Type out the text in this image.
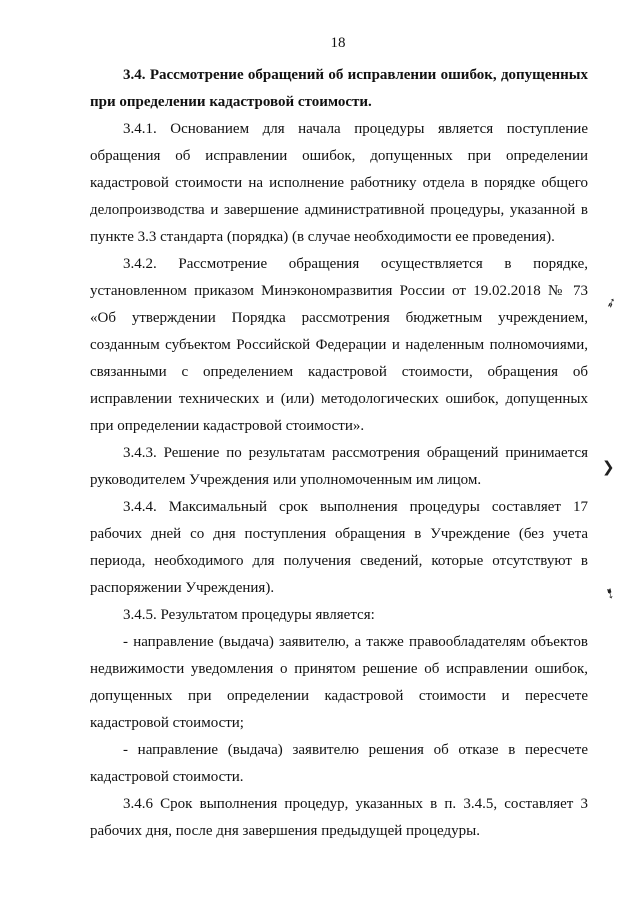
18

3.4. Рассмотрение обращений об исправлении ошибок, допущенных при определении кадастровой стоимости.

3.4.1. Основанием для начала процедуры является поступление обращения об исправлении ошибок, допущенных при определении кадастровой стоимости на исполнение работнику отдела в порядке общего делопроизводства и завершение административной процедуры, указанной в пункте 3.3 стандарта (порядка) (в случае необходимости ее проведения).

3.4.2. Рассмотрение обращения осуществляется в порядке, установленном приказом Минэкономразвития России от 19.02.2018 № 73 «Об утверждении Порядка рассмотрения бюджетным учреждением, созданным субъектом Российской Федерации и наделенным полномочиями, связанными с определением кадастровой стоимости, обращения об исправлении технических и (или) методологических ошибок, допущенных при определении кадастровой стоимости».

3.4.3. Решение по результатам рассмотрения обращений принимается руководителем Учреждения или уполномоченным им лицом.

3.4.4. Максимальный срок выполнения процедуры составляет 17 рабочих дней со дня поступления обращения в Учреждение (без учета периода, необходимого для получения сведений, которые отсутствуют в распоряжении Учреждения).

3.4.5. Результатом процедуры является:

- направление (выдача) заявителю, а также правообладателям объектов недвижимости уведомления о принятом решение об исправлении ошибок, допущенных при определении кадастровой стоимости и пересчете кадастровой стоимости;

- направление (выдача) заявителю решения об отказе в пересчете кадастровой стоимости.

3.4.6 Срок выполнения процедур, указанных в п. 3.4.5, составляет 3 рабочих дня, после дня завершения предыдущей процедуры.

➶
❯
➷
